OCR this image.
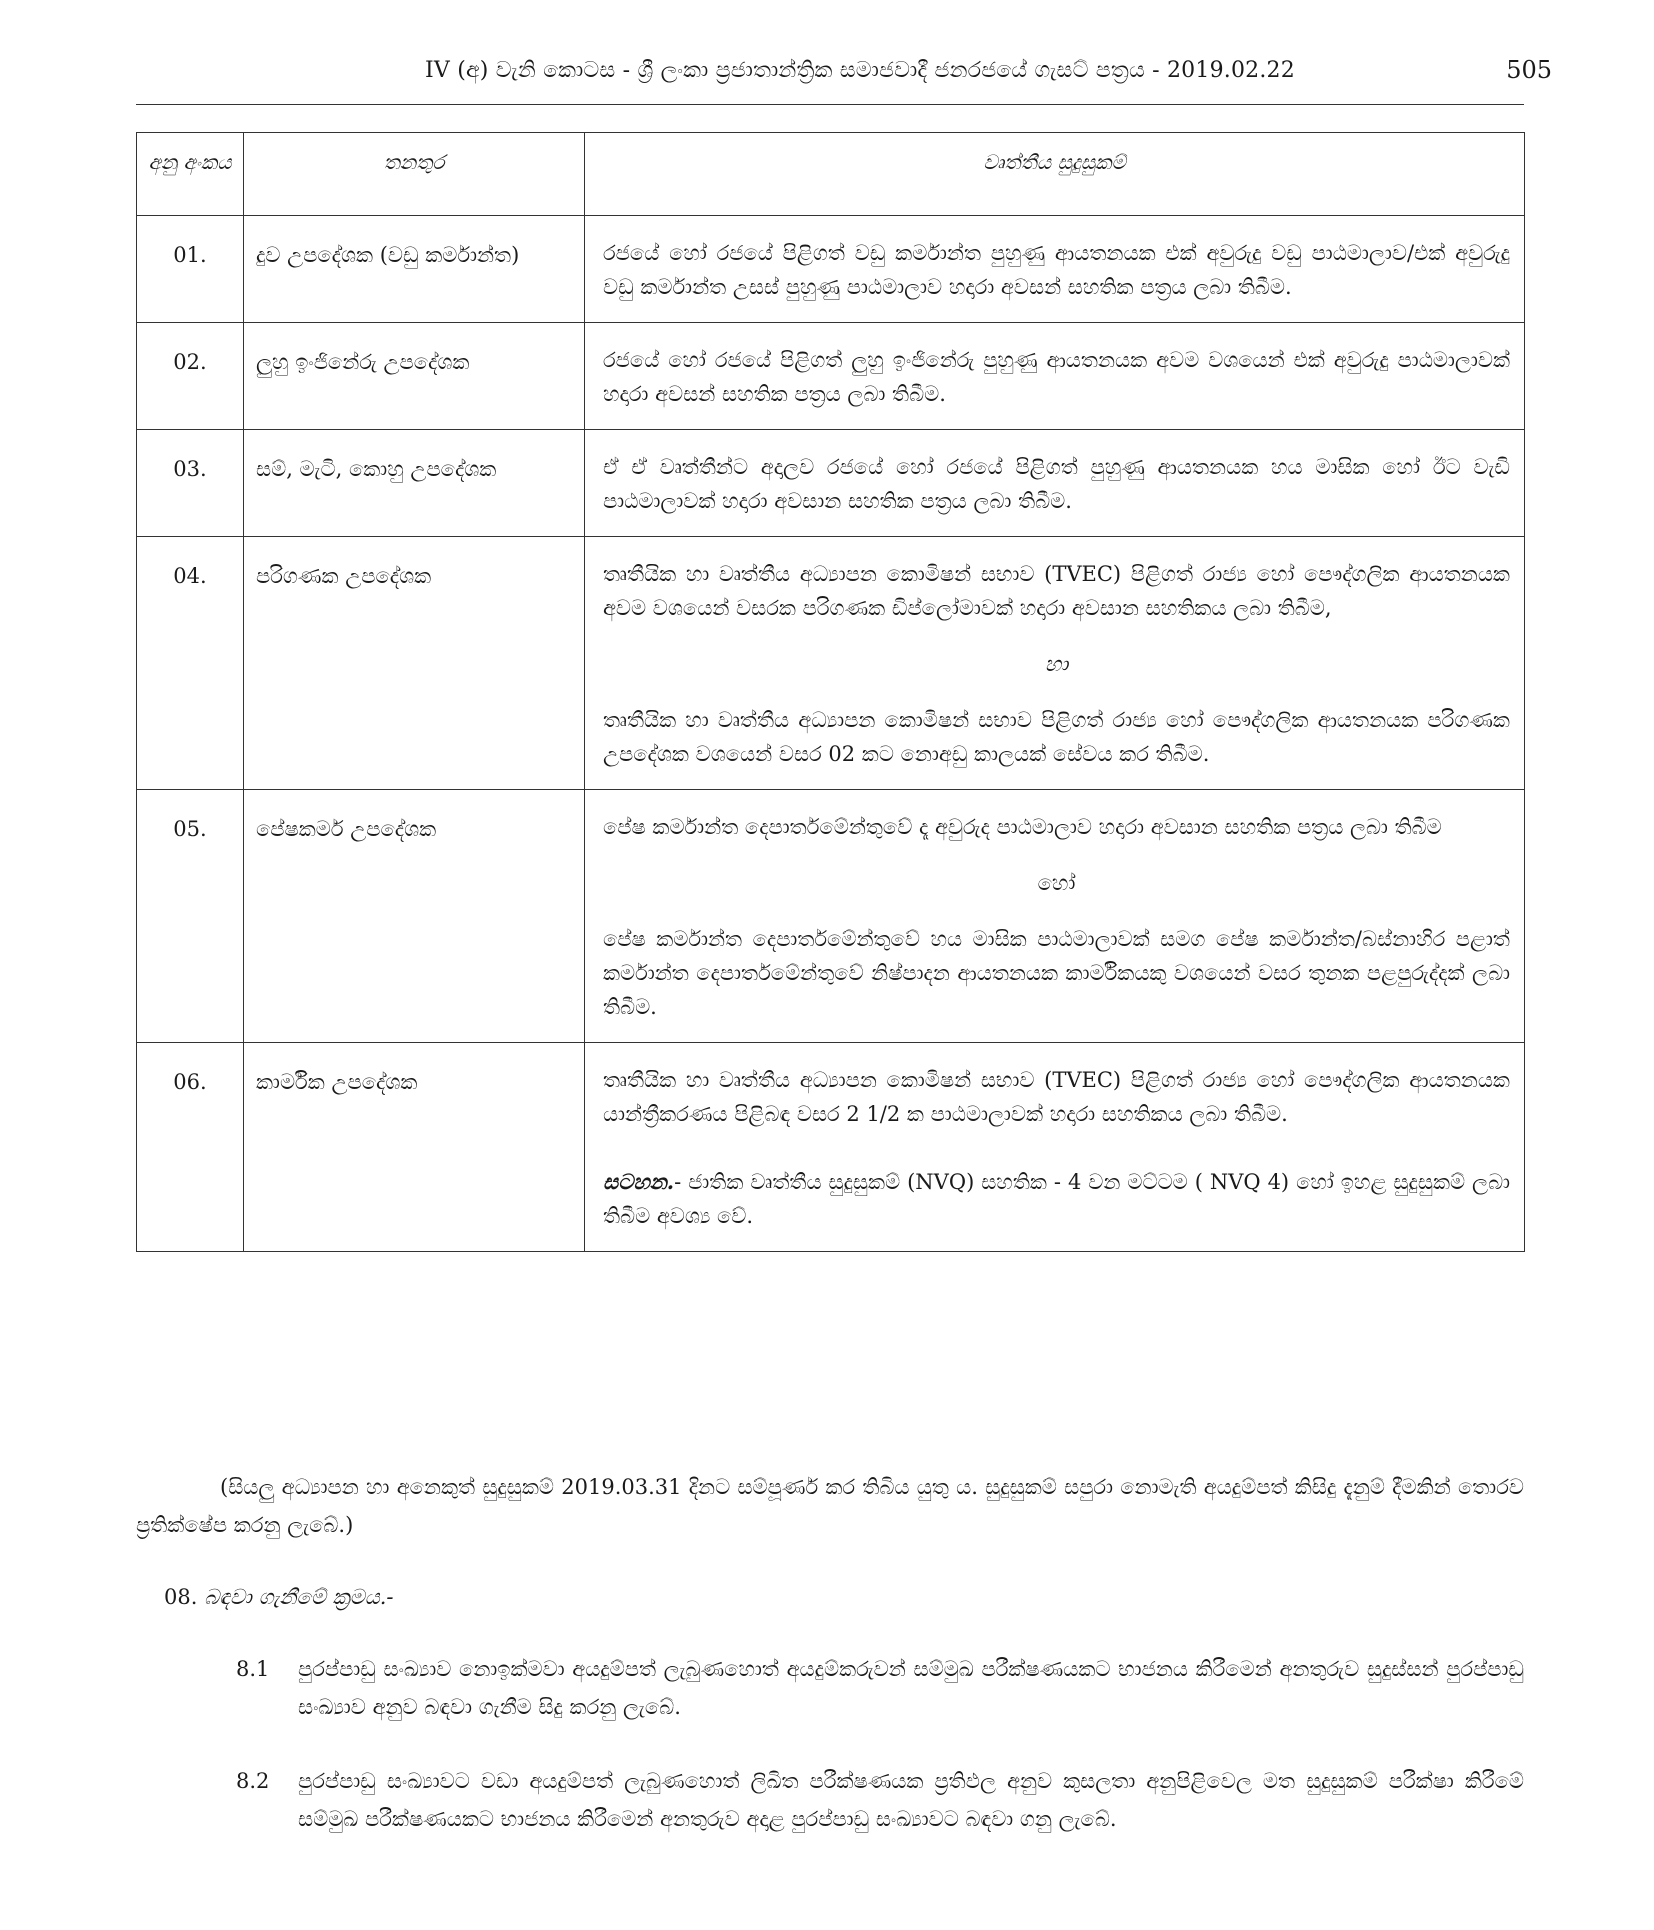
IV (අ) වැනි කොටස - ශ්‍රී ලංකා ප්‍රජාතාන්ත්‍රික සමාජවාදී ජනරජයේ ගැසට් පත්‍රය - 2019.02.22	505
අනු අංකය	තනතුර	වෘත්තීය සුදුසුකම්
01.	දුව උපදේශක (වඩු කර්මාන්ත)	රජයේ හෝ රජයේ පිළිගත් වඩු කර්මාන්ත පුහුණු ආයතනයක එක් අවුරුදු වඩු පාඨමාලාව/එක් අවුරුදු වඩු කර්මාන්ත උසස් පුහුණු පාඨමාලාව හදාරා අවසන් සහතික පත්‍රය ලබා තිබීම.

02.	ලුහු ඉංජිනේරු උපදේශක	රජයේ හෝ රජයේ පිළිගත් ලුහු ඉංජිනේරු පුහුණු ආයතනයක අවම වශයෙන් එක් අවුරුදු පාඨමාලාවක් හදාරා අවසන් සහතික පත්‍රය ලබා තිබීම.

03.	සම්, මැටි, කොහු උපදේශක	ඒ ඒ වෘත්තීන්ට අදාලව රජයේ හෝ රජයේ පිළිගත් පුහුණු ආයතනයක හය මාසික හෝ ඊට වැඩි පාඨමාලාවක් හදාරා අවසාන සහතික පත්‍රය ලබා තිබීම.

04.	පරිගණක උපදේශක	තෘතීයික හා වෘත්තීය අධ්‍යාපන කොමිෂන් සභාව (TVEC) පිළිගත් රාජ්‍ය හෝ පෞද්ගලික ආයතනයක අවම වශයෙන් වසරක පරිගණක ඩිප්ලෝමාවක් හදාරා අවසාන සහතිකය ලබා තිබීම,

හා

තෘතීයික හා වෘත්තීය අධ්‍යාපන කොමිෂන් සභාව පිළිගත් රාජ්‍ය හෝ පෞද්ගලික ආයතනයක පරිගණක උපදේශක වශයෙන් වසර 02 කට නොඅඩු කාලයක් සේවය කර තිබීම.

05.	පේෂකර්ම උපදේශක	පේෂ කර්මාන්ත දෙපාර්තමේන්තුවේ දෑ අවුරුද පාඨමාලාව හදාරා අවසාන සහතික පත්‍රය ලබා තිබීම

හෝ

පේෂ කර්මාන්ත දෙපාර්තමේන්තුවේ හය මාසික පාඨමාලාවක් සමග පේෂ කර්මාන්ත/බස්නාහිර පළාත් කර්මාන්ත දෙපාර්තමේන්තුවේ නිෂ්පාදන ආයතනයක කාර්මිකයකු වශයෙන් වසර තුනක පළපුරුද්දක් ලබා තිබීම.

06.	කාර්මික උපදේශක	තෘතීයික හා වෘත්තීය අධ්‍යාපන කොමිෂන් සභාව (TVEC) පිළිගත් රාජ්‍ය හෝ පෞද්ගලික ආයතනයක යාන්ත්‍රීකරණය පිළිබඳ වසර 2 1/2 ක පාඨමාලාවක් හදාරා සහතිකය ලබා තිබීම.

සටහන.- ජාතික වෘත්තීය සුදුසුකම් (NVQ) සහතික - 4 වන මට්ටම ( NVQ 4) හෝ ඉහළ සුදුසුකම් ලබා තිබීම අවශ්‍ය වේ.

(සියලු අධ්‍යාපන හා අනෙකුත් සුදුසුකම් 2019.03.31 දිනට සම්පූර්ණ කර තිබිය යුතු ය. සුදුසුකම් සපුරා නොමැති අයදුම්පත් කිසිදු දැනුම් දීමකින් තොරව ප්‍රතික්ෂේප කරනු ලැබේ.)
08. බඳවා ගැනීමේ ක්‍රමය.-
8.1	පුරප්පාඩු සංඛ්‍යාව නොඉක්මවා අයදුම්පත් ලැබුණහොත් අයදුම්කරුවන් සම්මුඛ පරීක්ෂණයකට භාජනය කිරීමෙන් අනතුරුව සුදුස්සන් පුරප්පාඩු සංඛ්‍යාව අනුව බඳවා ගැනීම සිදු කරනු ලැබේ.
8.2	පුරප්පාඩු සංඛ්‍යාවට වඩා අයදුම්පත් ලැබුණහොත් ලිඛිත පරීක්ෂණයක ප්‍රතිඵල අනුව කුසලතා අනුපිළිවෙල මත සුදුසුකම් පරීක්ෂා කිරීමේ සම්මුඛ පරීක්ෂණයකට භාජනය කිරීමෙන් අනතුරුව අදාළ පුරප්පාඩු සංඛ්‍යාවට බඳවා ගනු ලැබේ.
